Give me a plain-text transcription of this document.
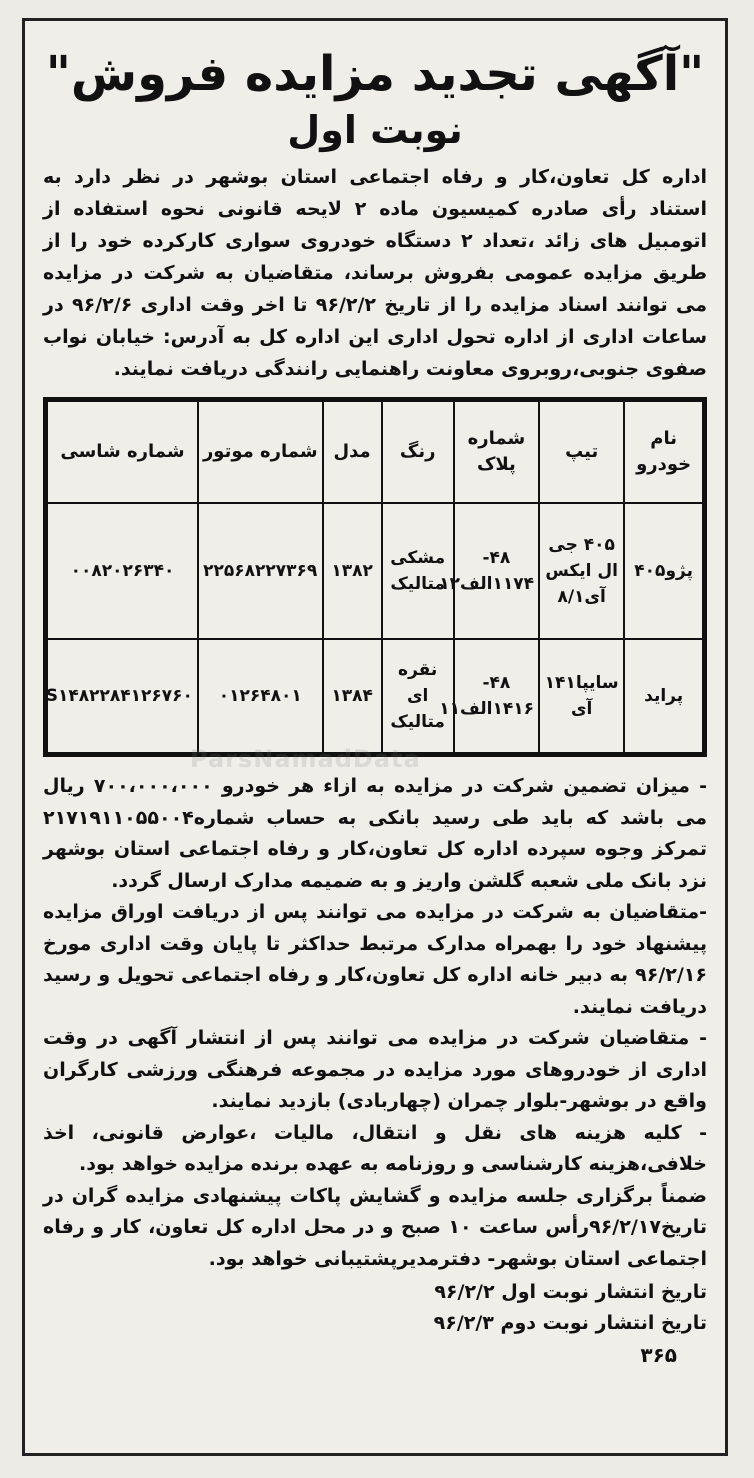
"آگهی تجدید مزایده فروش"
نوبت اول

اداره کل تعاون،کار و رفاه اجتماعی استان بوشهر در نظر دارد به استناد رأی صادره کمیسیون ماده ۲ لایحه قانونی نحوه استفاده از اتومبیل های زائد ،تعداد ۲ دستگاه خودروی سواری کارکرده خود را از طریق مزایده عمومی بفروش برساند، متقاضیان به شرکت در مزایده می توانند اسناد مزایده را از تاریخ ۹۶/۲/۲ تا اخر وقت اداری ۹۶/۲/۶ در ساعات اداری از اداره تحول اداری این اداره کل به آدرس: خیابان نواب صفوی جنوبی،روبروی معاونت راهنمایی رانندگی دریافت نمایند.

نام خودرو	تیپ	شماره پلاک	رنگ	مدل	شماره موتور	شماره شاسی
پژو۴۰۵	۴۰۵ جی ال ایکس آی۸/۱	۴۸- ۱۱۷۴الف۱۲	مشکی متالیک	۱۳۸۲	۲۲۵۶۸۲۲۷۳۶۹	۰۰۸۲۰۲۶۳۴۰
پراید	سایپا۱۴۱ آی	۴۸- ۱۴۱۶الف۱۱	نقره ای متالیک	۱۳۸۴	۰۱۲۶۴۸۰۱	S۱۴۸۲۲۸۴۱۲۶۷۶۰

- میزان تضمین شرکت در مزایده به ازاء هر خودرو ۷۰۰،۰۰۰،۰۰۰ ریال می باشد که باید طی رسید بانکی به حساب شماره۲۱۷۱۹۱۱۰۵۵۰۰۴ تمرکز وجوه سپرده اداره کل تعاون،کار و رفاه اجتماعی استان بوشهر نزد بانک ملی شعبه گلشن واریز و به ضمیمه مدارک ارسال گردد.

-متقاضیان به شرکت در مزایده می توانند پس از دریافت اوراق مزایده پیشنهاد خود را بهمراه مدارک مرتبط حداکثر تا پایان وقت اداری مورخ ۹۶/۲/۱۶ به دبیر خانه اداره کل تعاون،کار و رفاه اجتماعی تحویل و رسید دریافت نمایند.

- متقاضیان شرکت در مزایده می توانند پس از انتشار آگهی در وقت اداری از خودروهای مورد مزایده در مجموعه فرهنگی ورزشی کارگران واقع در بوشهر-بلوار چمران (چهاربادی) بازدید نمایند.

- کلیه هزینه های نقل و انتقال، مالیات ،عوارض قانونی، اخذ خلافی،هزینه کارشناسی و روزنامه به عهده برنده مزایده خواهد بود.

ضمناً برگزاری جلسه مزایده و گشایش پاکات پیشنهادی مزایده گران در تاریخ۹۶/۲/۱۷رأس ساعت ۱۰ صبح و در محل اداره کل تعاون، کار و رفاه اجتماعی استان بوشهر- دفترمدیرپشتیبانی خواهد بود.

تاریخ انتشار نوبت اول ۹۶/۲/۲
تاریخ انتشار نوبت دوم ۹۶/۲/۳
۳۶۵
